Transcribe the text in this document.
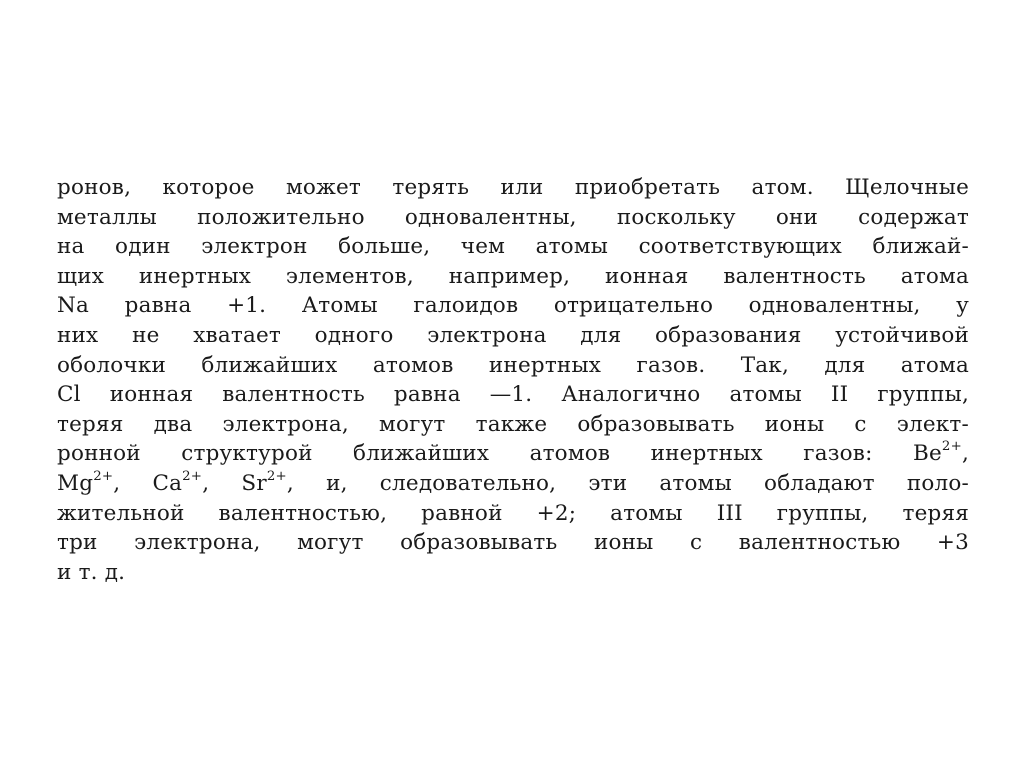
ронов, которое может терять или приобретать атом. Щелочные
металлы положительно одновалентны, поскольку они содержат
на один электрон больше, чем атомы соответствующих ближай-
щих инертных элементов, например, ионная валентность атома
Na равна +1. Атомы галоидов отрицательно одновалентны, у
них не хватает одного электрона для образования устойчивой
оболочки ближайших атомов инертных газов. Так, для атома
Cl ионная валентность равна —1. Аналогично атомы II группы,
теряя два электрона, могут также образовывать ионы с элект-
ронной структурой ближайших атомов инертных газов: $Be^{2+}$,
$Mg^{2+}$, $Ca^{2+}$, $Sr^{2+}$, и, следовательно, эти атомы обладают поло-
жительной валентностью, равной +2; атомы III группы, теряя
три электрона, могут образовывать ионы с валентностью +3
и т. д.
